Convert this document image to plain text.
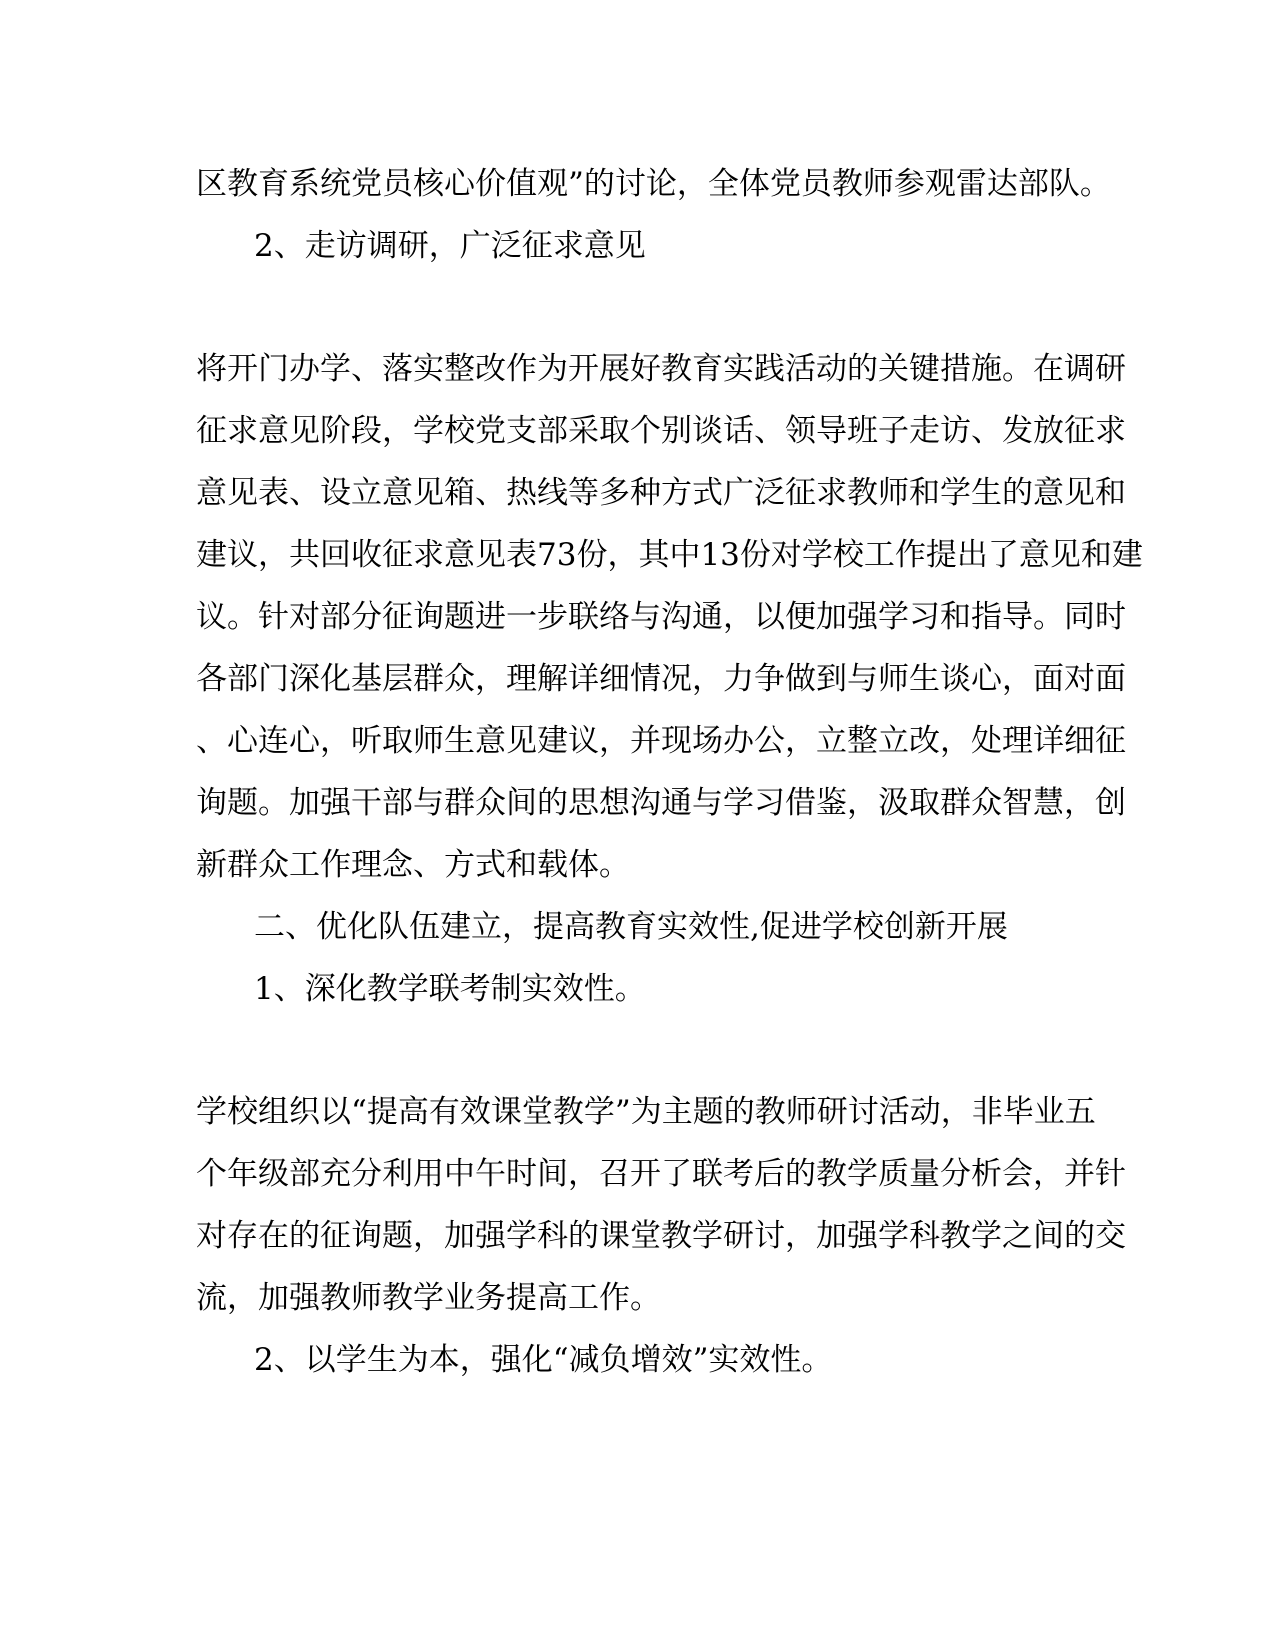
区教育系统党员核心价值观”的讨论，全体党员教师参观雷达部队。
2、走访调研，广泛征求意见
将开门办学、落实整改作为开展好教育实践活动的关键措施。在调研
征求意见阶段，学校党支部采取个别谈话、领导班子走访、发放征求
意见表、设立意见箱、热线等多种方式广泛征求教师和学生的意见和
建议，共回收征求意见表73份，其中13份对学校工作提出了意见和建
议。针对部分征询题进一步联络与沟通，以便加强学习和指导。同时
各部门深化基层群众，理解详细情况，力争做到与师生谈心，面对面
、心连心，听取师生意见建议，并现场办公，立整立改，处理详细征
询题。加强干部与群众间的思想沟通与学习借鉴，汲取群众智慧，创
新群众工作理念、方式和载体。
二、优化队伍建立，提高教育实效性,促进学校创新开展
1、深化教学联考制实效性。
学校组织以“提高有效课堂教学”为主题的教师研讨活动，非毕业五
个年级部充分利用中午时间，召开了联考后的教学质量分析会，并针
对存在的征询题，加强学科的课堂教学研讨，加强学科教学之间的交
流，加强教师教学业务提高工作。
2、以学生为本，强化“减负增效”实效性。
